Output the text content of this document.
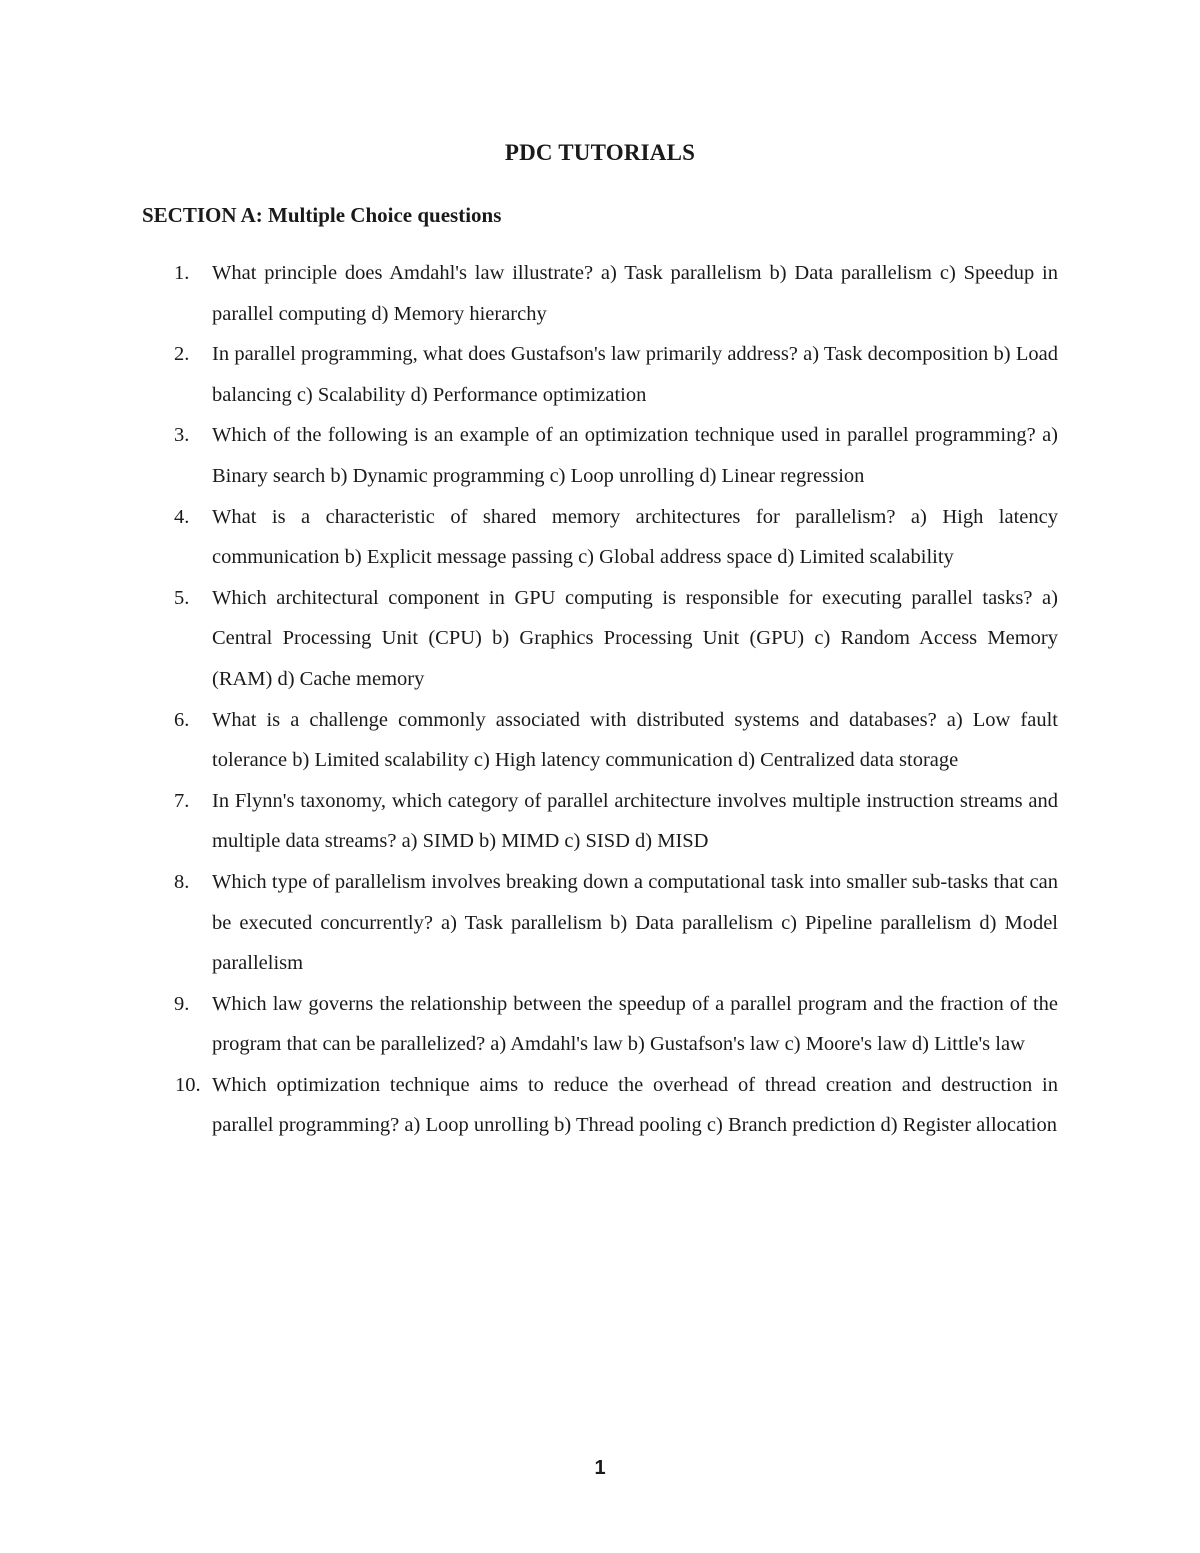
PDC TUTORIALS
SECTION A: Multiple Choice questions
1. What principle does Amdahl's law illustrate? a) Task parallelism b) Data parallelism c) Speedup in parallel computing d) Memory hierarchy
2. In parallel programming, what does Gustafson's law primarily address? a) Task decomposition b) Load balancing c) Scalability d) Performance optimization
3. Which of the following is an example of an optimization technique used in parallel programming? a) Binary search b) Dynamic programming c) Loop unrolling d) Linear regression
4. What is a characteristic of shared memory architectures for parallelism? a) High latency communication b) Explicit message passing c) Global address space d) Limited scalability
5. Which architectural component in GPU computing is responsible for executing parallel tasks? a) Central Processing Unit (CPU) b) Graphics Processing Unit (GPU) c) Random Access Memory (RAM) d) Cache memory
6. What is a challenge commonly associated with distributed systems and databases? a) Low fault tolerance b) Limited scalability c) High latency communication d) Centralized data storage
7. In Flynn's taxonomy, which category of parallel architecture involves multiple instruction streams and multiple data streams? a) SIMD b) MIMD c) SISD d) MISD
8. Which type of parallelism involves breaking down a computational task into smaller sub-tasks that can be executed concurrently? a) Task parallelism b) Data parallelism c) Pipeline parallelism d) Model parallelism
9. Which law governs the relationship between the speedup of a parallel program and the fraction of the program that can be parallelized? a) Amdahl's law b) Gustafson's law c) Moore's law d) Little's law
10. Which optimization technique aims to reduce the overhead of thread creation and destruction in parallel programming? a) Loop unrolling b) Thread pooling c) Branch prediction d) Register allocation

1
